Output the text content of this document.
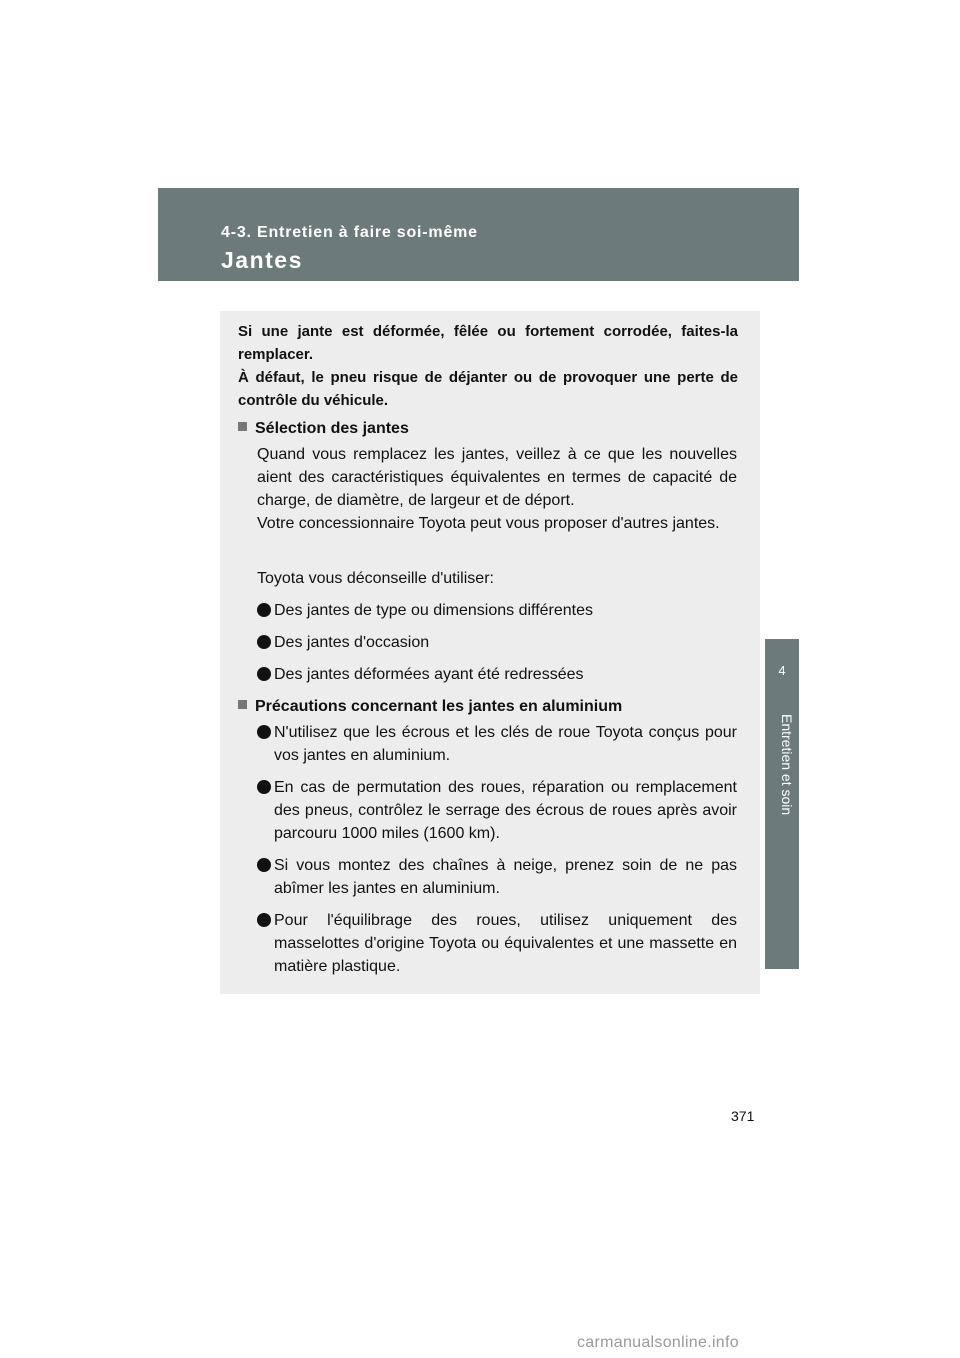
4-3. Entretien à faire soi-même
Jantes
4
Entretien et soin

Si une jante est déformée, fêlée ou fortement corrodée, faites-la remplacer.

À défaut, le pneu risque de déjanter ou de provoquer une perte de contrôle du véhicule.

Sélection des jantes

Quand vous remplacez les jantes, veillez à ce que les nouvelles aient des caractéristiques équivalentes en termes de capacité de charge, de diamètre, de largeur et de déport.

Votre concessionnaire Toyota peut vous proposer d'autres jantes.

Toyota vous déconseille d'utiliser:

Des jantes de type ou dimensions différentes
Des jantes d'occasion
Des jantes déformées ayant été redressées
Précautions concernant les jantes en aluminium
N'utilisez que les écrous et les clés de roue Toyota conçus pour vos jantes en aluminium.
En cas de permutation des roues, réparation ou remplacement des pneus, contrôlez le serrage des écrous de roues après avoir parcouru 1000 miles (1600 km).
Si vous montez des chaînes à neige, prenez soin de ne pas abîmer les jantes en aluminium.
Pour l'équilibrage des roues, utilisez uniquement des masselottes d'origine Toyota ou équivalentes et une massette en matière plastique.
371
carmanualsonline.info
